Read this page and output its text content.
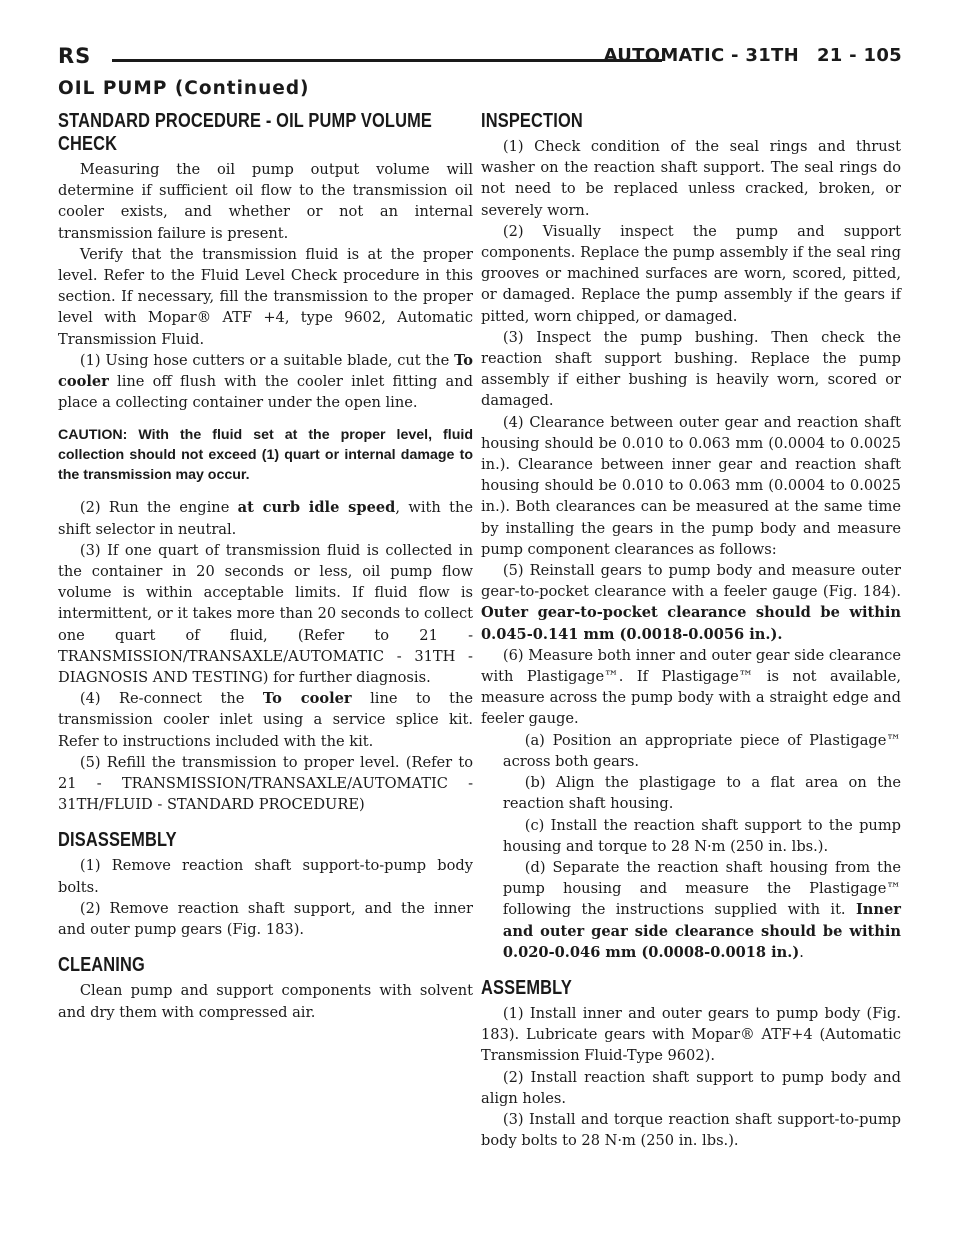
RS	AUTOMATIC - 31TH 21 - 105
OIL PUMP (Continued)
STANDARD PROCEDURE - OIL PUMP VOLUME CHECK

Measuring the oil pump output volume will determine if sufficient oil flow to the transmission oil cooler exists, and whether or not an internal transmission failure is present.

Verify that the transmission fluid is at the proper level. Refer to the Fluid Level Check procedure in this section. If necessary, fill the transmission to the proper level with Mopar® ATF +4, type 9602, Automatic Transmission Fluid.

(1) Using hose cutters or a suitable blade, cut the To cooler line off flush with the cooler inlet fitting and place a collecting container under the open line.

CAUTION: With the fluid set at the proper level, fluid collection should not exceed (1) quart or internal damage to the transmission may occur.

(2) Run the engine at curb idle speed, with the shift selector in neutral.

(3) If one quart of transmission fluid is collected in the container in 20 seconds or less, oil pump flow volume is within acceptable limits. If fluid flow is intermittent, or it takes more than 20 seconds to collect one quart of fluid, (Refer to 21 - TRANSMISSION/TRANSAXLE/AUTOMATIC - 31TH - DIAGNOSIS AND TESTING) for further diagnosis.

(4) Re-connect the To cooler line to the transmission cooler inlet using a service splice kit. Refer to instructions included with the kit.

(5) Refill the transmission to proper level. (Refer to 21 - TRANSMISSION/TRANSAXLE/AUTOMATIC - 31TH/FLUID - STANDARD PROCEDURE)

DISASSEMBLY

(1) Remove reaction shaft support-to-pump body bolts.

(2) Remove reaction shaft support, and the inner and outer pump gears (Fig. 183).

CLEANING

Clean pump and support components with solvent and dry them with compressed air.

INSPECTION

(1) Check condition of the seal rings and thrust washer on the reaction shaft support. The seal rings do not need to be replaced unless cracked, broken, or severely worn.

(2) Visually inspect the pump and support components. Replace the pump assembly if the seal ring grooves or machined surfaces are worn, scored, pitted, or damaged. Replace the pump assembly if the gears if pitted, worn chipped, or damaged.

(3) Inspect the pump bushing. Then check the reaction shaft support bushing. Replace the pump assembly if either bushing is heavily worn, scored or damaged.

(4) Clearance between outer gear and reaction shaft housing should be 0.010 to 0.063 mm (0.0004 to 0.0025 in.). Clearance between inner gear and reaction shaft housing should be 0.010 to 0.063 mm (0.0004 to 0.0025 in.). Both clearances can be measured at the same time by installing the gears in the pump body and measure pump component clearances as follows:

(5) Reinstall gears to pump body and measure outer gear-to-pocket clearance with a feeler gauge (Fig. 184). Outer gear-to-pocket clearance should be within 0.045-0.141 mm (0.0018-0.0056 in.).

(6) Measure both inner and outer gear side clearance with Plastigage™. If Plastigage™ is not available, measure across the pump body with a straight edge and feeler gauge.

(a) Position an appropriate piece of Plastigage™ across both gears.

(b) Align the plastigage to a flat area on the reaction shaft housing.

(c) Install the reaction shaft support to the pump housing and torque to 28 N·m (250 in. lbs.).

(d) Separate the reaction shaft housing from the pump housing and measure the Plastigage™ following the instructions supplied with it. Inner and outer gear side clearance should be within 0.020-0.046 mm (0.0008-0.0018 in.).

ASSEMBLY

(1) Install inner and outer gears to pump body (Fig. 183). Lubricate gears with Mopar® ATF+4 (Automatic Transmission Fluid-Type 9602).

(2) Install reaction shaft support to pump body and align holes.

(3) Install and torque reaction shaft support-to-pump body bolts to 28 N·m (250 in. lbs.).
